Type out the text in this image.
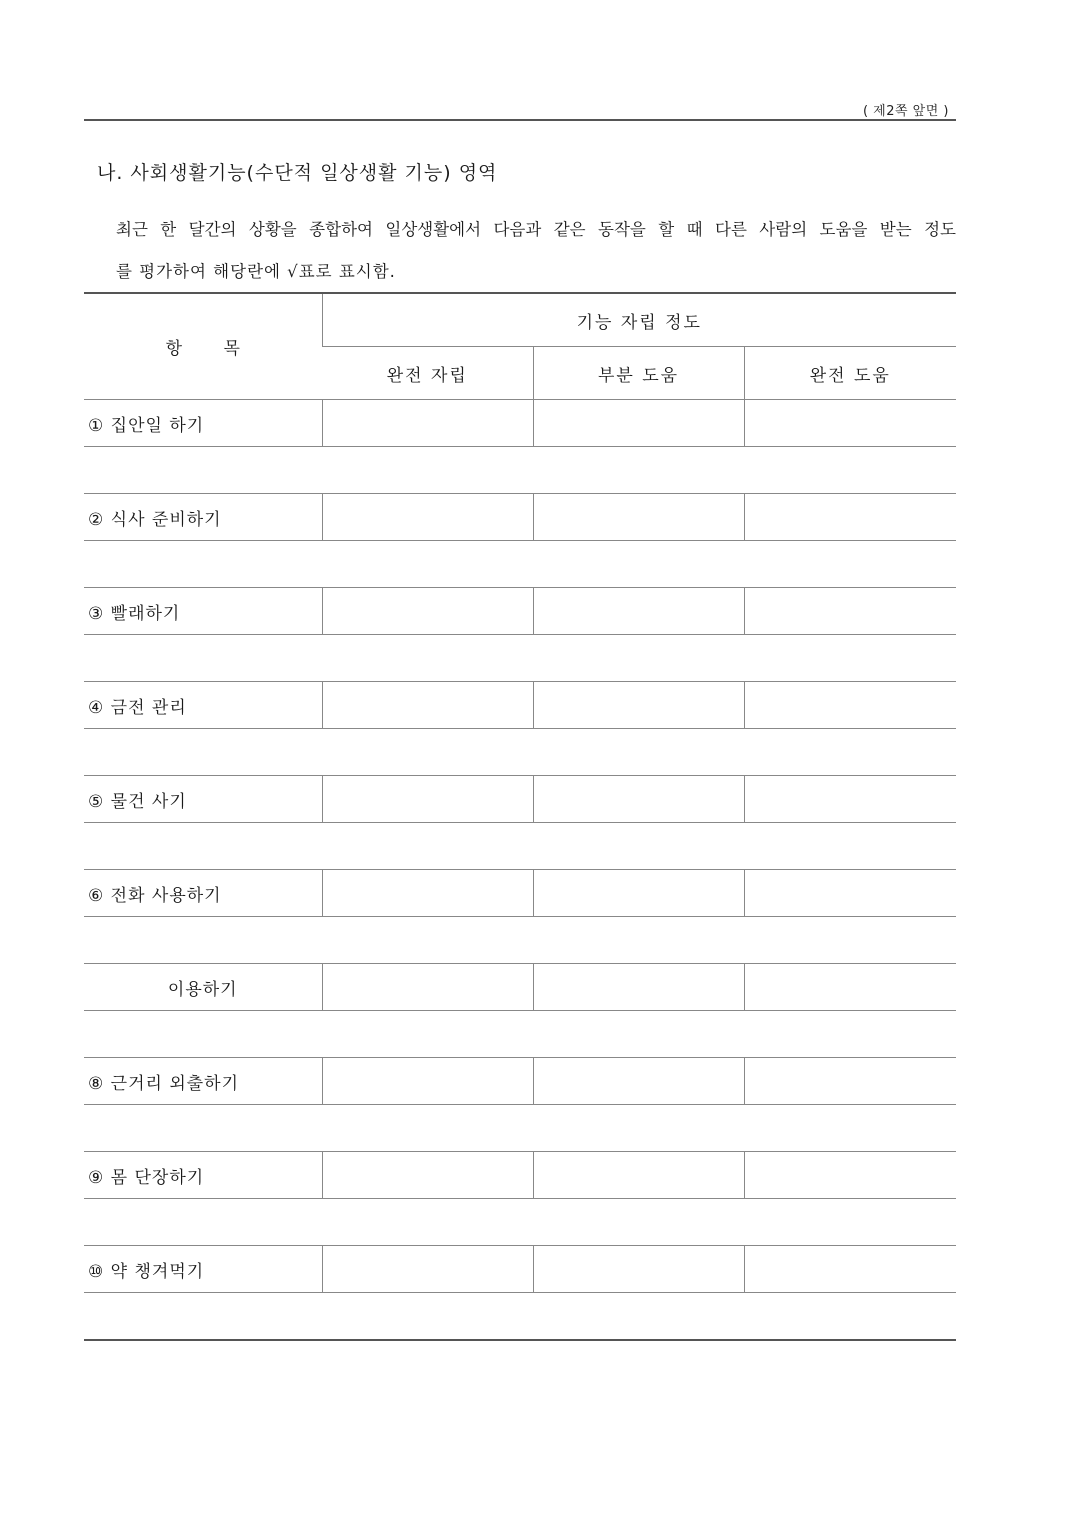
( 제2쪽 앞면 )
나. 사회생활기능(수단적 일상생활 기능) 영역
최근 한 달간의 상황을 종합하여 일상생활에서 다음과 같은 동작을 할 때 다른 사람의 도움을 받는 정도
를 평가하여 해당란에 √표로 표시함.
항 목	기능 자립 정도		
	완전 자립	부분 도움	완전 도움
① 집안일 하기			

② 식사 준비하기			

③ 빨래하기			

④ 금전 관리			

⑤ 물건 사기			

⑥ 전화 사용하기			

이용하기			

⑧ 근거리 외출하기			

⑨ 몸 단장하기			

⑩ 약 챙겨먹기			
